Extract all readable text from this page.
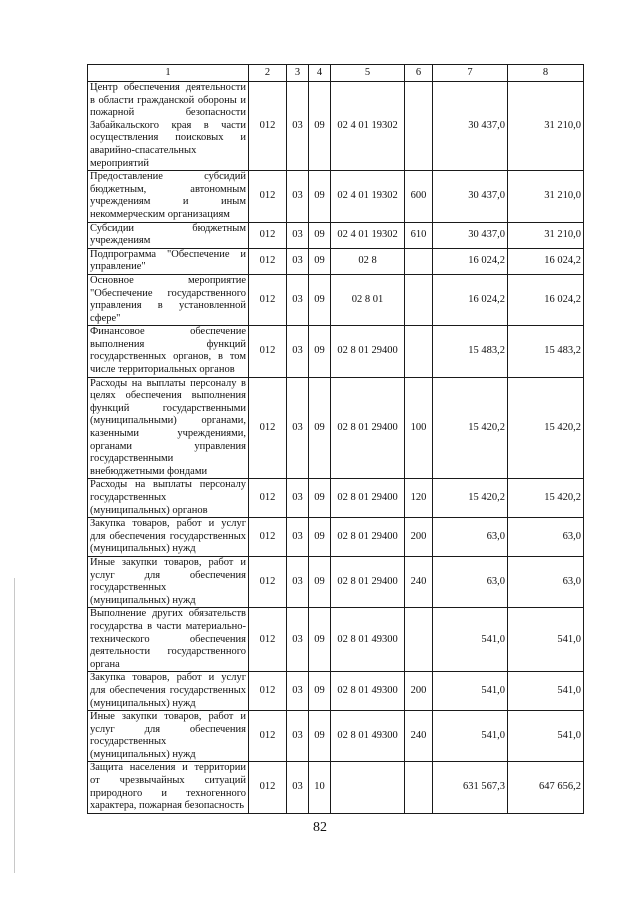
1	2	3	4	5	6	7	8
Центр обеспечения деятельности в области гражданской обороны и пожарной безопасности Забайкальского края в части осуществления поисковых и аварийно-спасательных мероприятий	012	03	09	02 4 01 19302		30 437,0	31 210,0
Предоставление субсидий бюджетным, автономным учреждениям и иным некоммерческим организациям	012	03	09	02 4 01 19302	600	30 437,0	31 210,0
Субсидии бюджетным учреждениям	012	03	09	02 4 01 19302	610	30 437,0	31 210,0
Подпрограмма "Обеспечение и управление"	012	03	09	02 8		16 024,2	16 024,2
Основное мероприятие "Обеспечение государственного управления в установленной сфере"	012	03	09	02 8 01		16 024,2	16 024,2
Финансовое обеспечение выполнения функций государственных органов, в том числе территориальных органов	012	03	09	02 8 01 29400		15 483,2	15 483,2
Расходы на выплаты персоналу в целях обеспечения выполнения функций государственными (муниципальными) органами, казенными учреждениями, органами управления государственными внебюджетными фондами	012	03	09	02 8 01 29400	100	15 420,2	15 420,2
Расходы на выплаты персоналу государственных (муниципальных) органов	012	03	09	02 8 01 29400	120	15 420,2	15 420,2
Закупка товаров, работ и услуг для обеспечения государственных (муниципальных) нужд	012	03	09	02 8 01 29400	200	63,0	63,0
Иные закупки товаров, работ и услуг для обеспечения государственных (муниципальных) нужд	012	03	09	02 8 01 29400	240	63,0	63,0
Выполнение других обязательств государства в части материально-технического обеспечения деятельности государственного органа	012	03	09	02 8 01 49300		541,0	541,0
Закупка товаров, работ и услуг для обеспечения государственных (муниципальных) нужд	012	03	09	02 8 01 49300	200	541,0	541,0
Иные закупки товаров, работ и услуг для обеспечения государственных (муниципальных) нужд	012	03	09	02 8 01 49300	240	541,0	541,0
Защита населения и территории от чрезвычайных ситуаций природного и техногенного характера, пожарная безопасность	012	03	10			631 567,3	647 656,2
82
